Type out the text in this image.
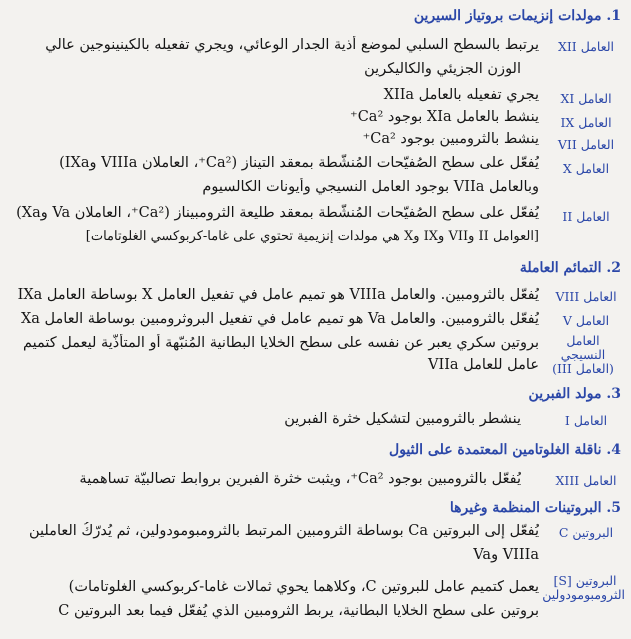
1. مولدات إنزيمات بروتياز السيرين
العامل XII
يرتبط بالسطح السلبي لموضع أذية الجدار الوعائي، ويجري تفعيله بالكينينوجين عالي
الوزن الجزيئي والكاليكرين
العامل XI
يجري تفعيله بالعامل XIIa
العامل IX
ينشط بالعامل XIa بوجود Ca²⁺
العامل VII
ينشط بالثرومبين بوجود Ca²⁺
العامل X
يُفعّل على سطح الصُفيّحات المُنشّطة بمعقد التيناز (Ca²⁺، العاملان VIIIa وIXa)
وبالعامل VIIa بوجود العامل النسيجي وأيونات الكالسيوم
العامل II
يُفعّل على سطح الصُفيّحات المُنشّطة بمعقد طليعة الثرومبيناز (Ca²⁺، العاملان Va وXa)
[العوامل II وVII وIX وX هي مولدات إنزيمية تحتوي على غاما-كربوكسي الغلوتامات]
2. التمائم العاملة
العامل VIII
يُفعّل بالثرومبين. والعامل VIIIa هو تميم عامل في تفعيل العامل X بوساطة العامل IXa
العامل V
يُفعّل بالثرومبين. والعامل Va هو تميم عامل في تفعيل البروثرومبين بوساطة العامل Xa
العامل النسيجي (العامل III)
بروتين سكري يعبر عن نفسه على سطح الخلايا البطانية المُنبّهة أو المتأذّية ليعمل كتميم
عامل للعامل VIIa
3. مولد الفبرين
العامل I
ينشطر بالثرومبين لتشكيل خثرة الفبرين
4. ناقلة الغلوتامين المعتمدة على الثيول
العامل XIII
يُفعّل بالثرومبين بوجود Ca²⁺، ويثبت خثرة الفبرين بروابط تصالبيّة تساهمية
5. البروتينات المنظمة وغيرها
البروتين C
يُفعّل إلى البروتين Ca بوساطة الثرومبين المرتبط بالثرومبومودولين، ثم يُدرّكُ العاملين
VIIIa وVa
البروتين [S] الثرومبومودولين
يعمل كتميم عامل للبروتين C، وكلاهما يحوي ثمالات غاما-كربوكسي الغلوتامات)
بروتين على سطح الخلايا البطانية، يربط الثرومبين الذي يُفعّل فيما بعد البروتين C
